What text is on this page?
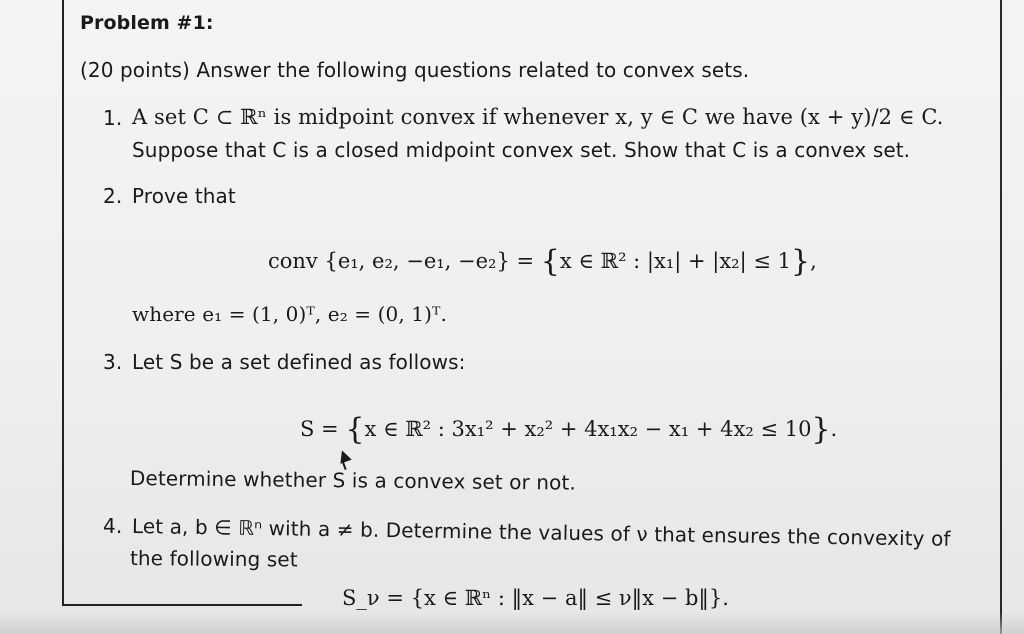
Problem #1:
(20 points) Answer the following questions related to convex sets.
1. A set C ⊂ ℝⁿ is midpoint convex if whenever x, y ∈ C we have (x + y)/2 ∈ C.
Suppose that C is a closed midpoint convex set. Show that C is a convex set.
2. Prove that
conv {e₁, e₂, −e₁, −e₂} = {x ∈ ℝ² : |x₁| + |x₂| ≤ 1},
where e₁ = (1, 0)ᵀ, e₂ = (0, 1)ᵀ.
3. Let S be a set defined as follows:
S = {x ∈ ℝ² : 3x₁² + x₂² + 4x₁x₂ − x₁ + 4x₂ ≤ 10}.
Determine whether S is a convex set or not.
4. Let a, b ∈ ℝⁿ with a ≠ b. Determine the values of ν that ensures the convexity of
the following set
S_ν = {x ∈ ℝⁿ : ‖x − a‖ ≤ ν‖x − b‖}.
